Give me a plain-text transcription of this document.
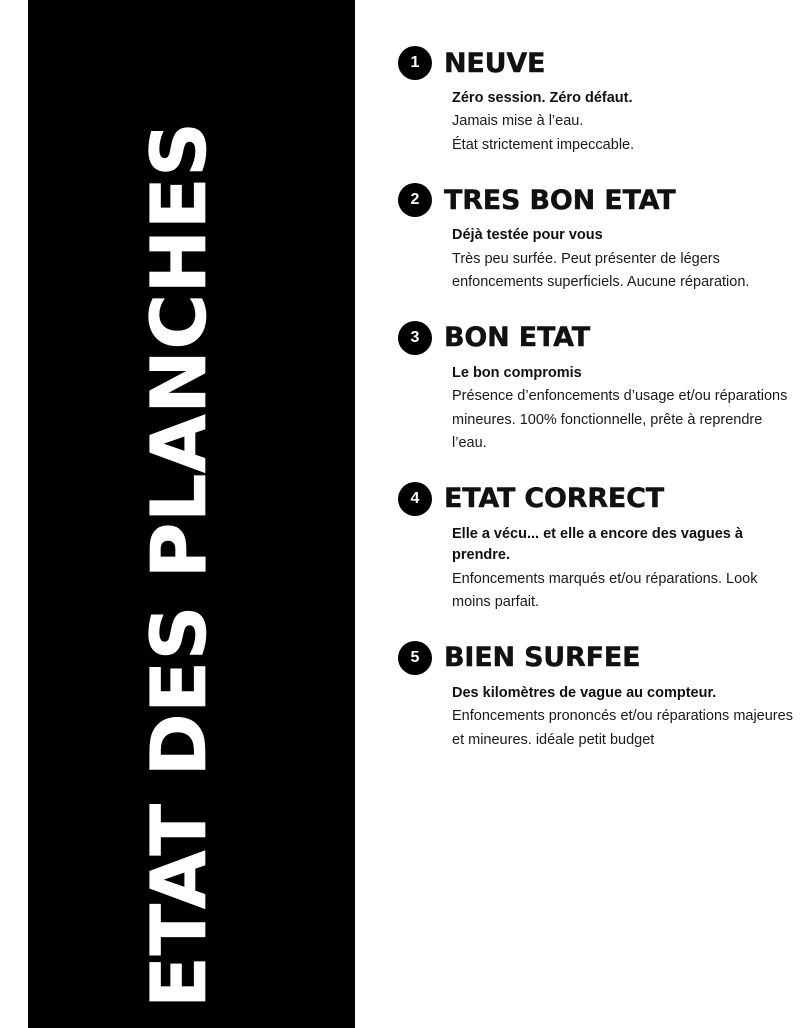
ETAT DES PLANCHES
1 NEUVE

Zéro session. Zéro défaut.

Jamais mise à l’eau.
État strictement impeccable.

2 TRES BON ETAT

Déjà testée pour vous

Très peu surfée. Peut présenter de légers enfoncements superficiels. Aucune réparation.

3 BON ETAT

Le bon compromis

Présence d’enfoncements d’usage et/ou réparations mineures. 100% fonctionnelle, prête à reprendre l’eau.

4 ETAT CORRECT

Elle a vécu... et elle a encore des vagues à prendre.

Enfoncements marqués et/ou réparations. Look moins parfait.

5 BIEN SURFEE

Des kilomètres de vague au compteur.

Enfoncements prononcés et/ou réparations majeures et mineures. idéale petit budget
